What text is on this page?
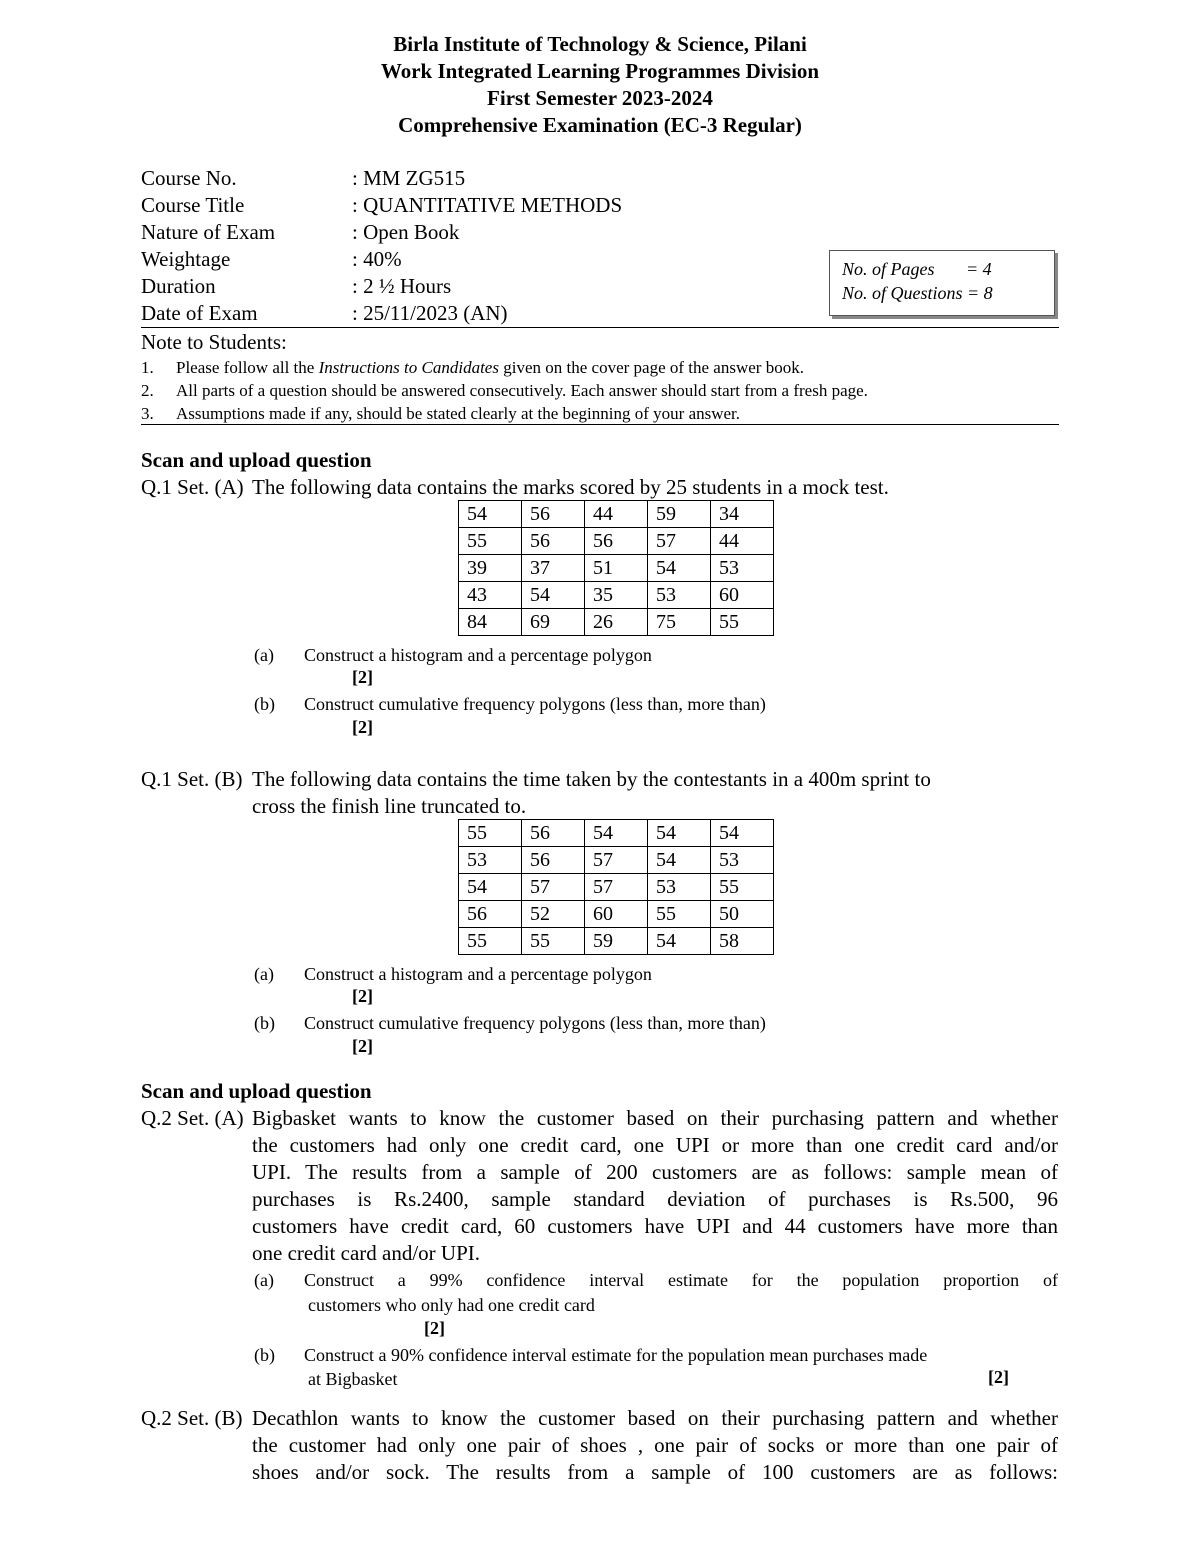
Birla Institute of Technology & Science, Pilani
Work Integrated Learning Programmes Division
First Semester 2023-2024
Comprehensive Examination (EC-3 Regular)
Course No.	: MM ZG515
Course Title	: QUANTITATIVE METHODS
Nature of Exam	: Open Book
Weightage	: 40%
Duration	: 2 ½ Hours
Date of Exam	: 25/11/2023 (AN)
No. of Pages       = 4
No. of Questions = 8
Note to Students:
1. Please follow all the Instructions to Candidates given on the cover page of the answer book.
2. All parts of a question should be answered consecutively. Each answer should start from a fresh page.
3. Assumptions made if any, should be stated clearly at the beginning of your answer.
Scan and upload question
Q.1 Set. (A) The following data contains the marks scored by 25 students in a mock test.
54	56	44	59	34
55	56	56	57	44
39	37	51	54	53
43	54	35	53	60
84	69	26	75	55
(a) Construct a histogram and a percentage polygon
[2]
(b) Construct cumulative frequency polygons (less than, more than)
[2]
Q.1 Set. (B) The following data contains the time taken by the contestants in a 400m sprint to
cross the finish line truncated to.
55	56	54	54	54
53	56	57	54	53
54	57	57	53	55
56	52	60	55	50
55	55	59	54	58
(a) Construct a histogram and a percentage polygon
[2]
(b) Construct cumulative frequency polygons (less than, more than)
[2]
Scan and upload question
Q.2 Set. (A) Bigbasket wants to know the customer based on their purchasing pattern and whether
the customers had only one credit card, one UPI or more than one credit card and/or
UPI. The results from a sample of 200 customers are as follows: sample mean of
purchases is Rs.2400, sample standard deviation of purchases is Rs.500, 96
customers have credit card, 60 customers have UPI and 44 customers have more than
one credit card and/or UPI.
(a) Construct a 99% confidence interval estimate for the population proportion of
customers who only had one credit card
[2]
(b) Construct a 90% confidence interval estimate for the population mean purchases made
at Bigbasket	[2]
Q.2 Set. (B) Decathlon wants to know the customer based on their purchasing pattern and whether
the customer had only one pair of shoes , one pair of socks or more than one pair of
shoes and/or sock. The results from a sample of 100 customers are as follows:
